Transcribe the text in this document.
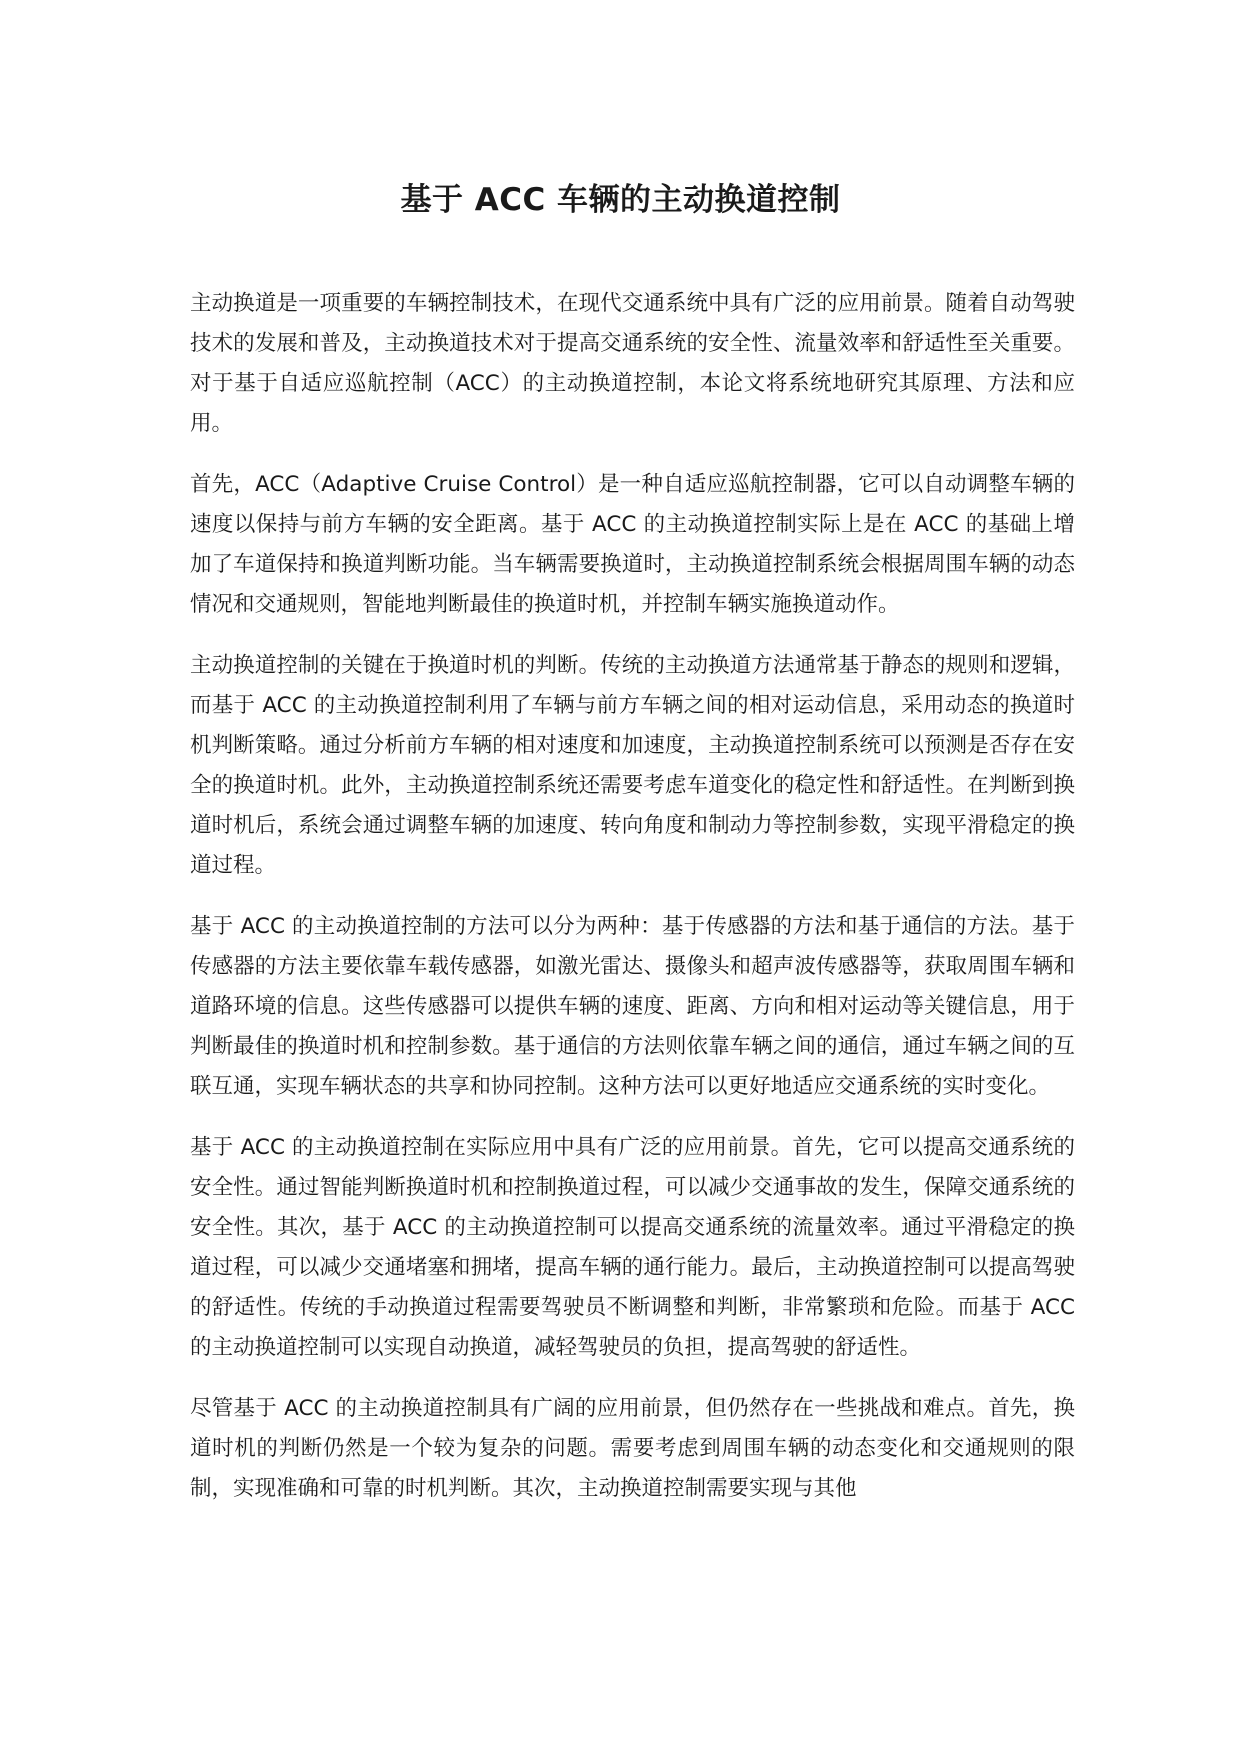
基于 ACC 车辆的主动换道控制

主动换道是一项重要的车辆控制技术，在现代交通系统中具有广泛的应用前景。随着自动驾驶技术的发展和普及，主动换道技术对于提高交通系统的安全性、流量效率和舒适性至关重要。对于基于自适应巡航控制（ACC）的主动换道控制，本论文将系统地研究其原理、方法和应用。

首先，ACC（Adaptive Cruise Control）是一种自适应巡航控制器，它可以自动调整车辆的速度以保持与前方车辆的安全距离。基于 ACC 的主动换道控制实际上是在 ACC 的基础上增加了车道保持和换道判断功能。当车辆需要换道时，主动换道控制系统会根据周围车辆的动态情况和交通规则，智能地判断最佳的换道时机，并控制车辆实施换道动作。

主动换道控制的关键在于换道时机的判断。传统的主动换道方法通常基于静态的规则和逻辑，而基于 ACC 的主动换道控制利用了车辆与前方车辆之间的相对运动信息，采用动态的换道时机判断策略。通过分析前方车辆的相对速度和加速度，主动换道控制系统可以预测是否存在安全的换道时机。此外，主动换道控制系统还需要考虑车道变化的稳定性和舒适性。在判断到换道时机后，系统会通过调整车辆的加速度、转向角度和制动力等控制参数，实现平滑稳定的换道过程。

基于 ACC 的主动换道控制的方法可以分为两种：基于传感器的方法和基于通信的方法。基于传感器的方法主要依靠车载传感器，如激光雷达、摄像头和超声波传感器等，获取周围车辆和道路环境的信息。这些传感器可以提供车辆的速度、距离、方向和相对运动等关键信息，用于判断最佳的换道时机和控制参数。基于通信的方法则依靠车辆之间的通信，通过车辆之间的互联互通，实现车辆状态的共享和协同控制。这种方法可以更好地适应交通系统的实时变化。

基于 ACC 的主动换道控制在实际应用中具有广泛的应用前景。首先，它可以提高交通系统的安全性。通过智能判断换道时机和控制换道过程，可以减少交通事故的发生，保障交通系统的安全性。其次，基于 ACC 的主动换道控制可以提高交通系统的流量效率。通过平滑稳定的换道过程，可以减少交通堵塞和拥堵，提高车辆的通行能力。最后，主动换道控制可以提高驾驶的舒适性。传统的手动换道过程需要驾驶员不断调整和判断，非常繁琐和危险。而基于 ACC 的主动换道控制可以实现自动换道，减轻驾驶员的负担，提高驾驶的舒适性。

尽管基于 ACC 的主动换道控制具有广阔的应用前景，但仍然存在一些挑战和难点。首先，换道时机的判断仍然是一个较为复杂的问题。需要考虑到周围车辆的动态变化和交通规则的限制，实现准确和可靠的时机判断。其次，主动换道控制需要实现与其他
